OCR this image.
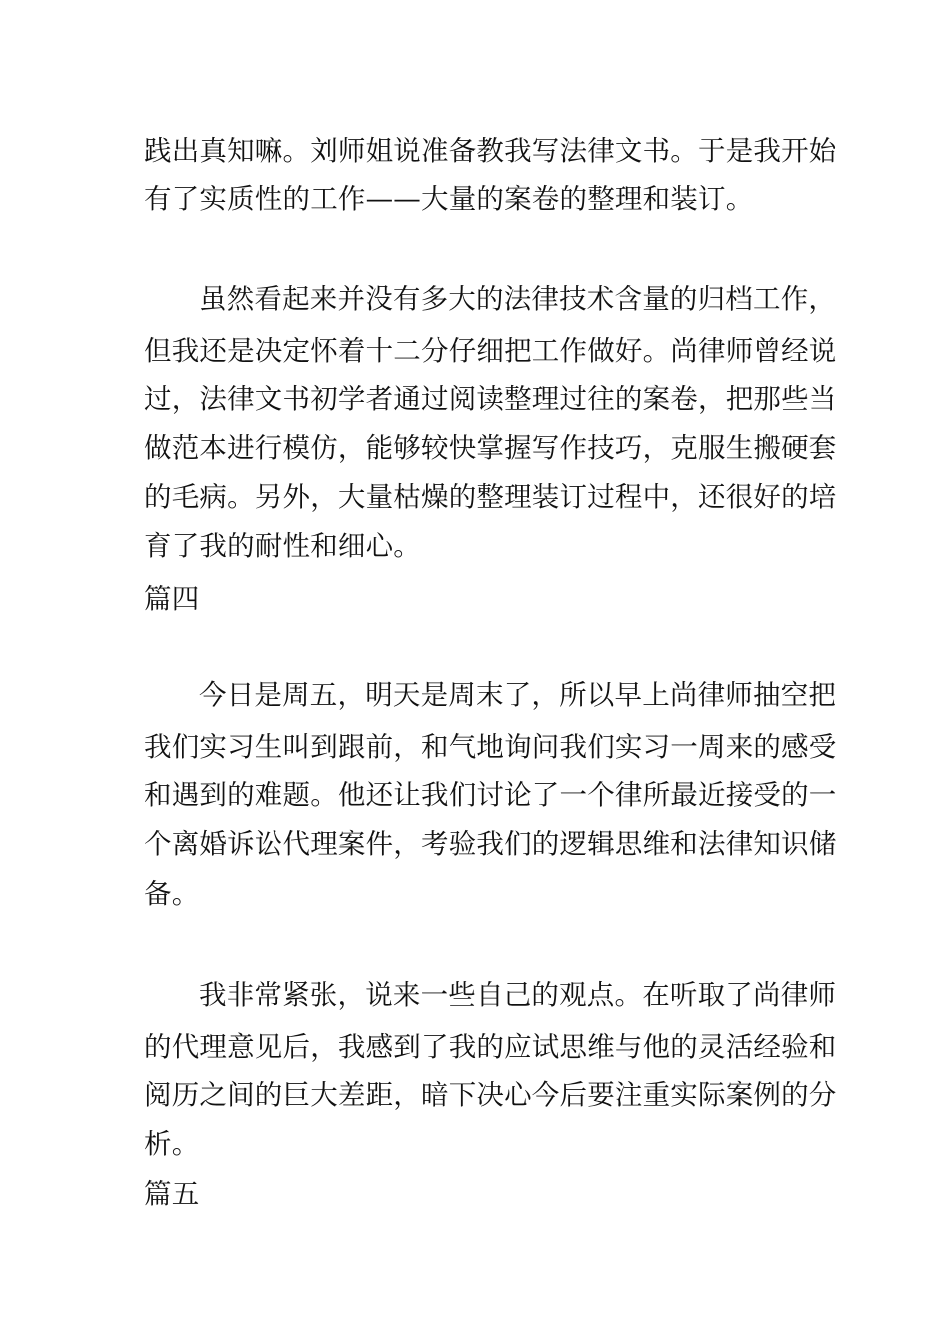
践出真知嘛。刘师姐说准备教我写法律文书。于是我开始
有了实质性的工作——大量的案卷的整理和装订。
虽然看起来并没有多大的法律技术含量的归档工作，
但我还是决定怀着十二分仔细把工作做好。尚律师曾经说
过，法律文书初学者通过阅读整理过往的案卷，把那些当
做范本进行模仿，能够较快掌握写作技巧，克服生搬硬套
的毛病。另外，大量枯燥的整理装订过程中，还很好的培
育了我的耐性和细心。
篇四
今日是周五，明天是周末了，所以早上尚律师抽空把
我们实习生叫到跟前，和气地询问我们实习一周来的感受
和遇到的难题。他还让我们讨论了一个律所最近接受的一
个离婚诉讼代理案件，考验我们的逻辑思维和法律知识储
备。
我非常紧张，说来一些自己的观点。在听取了尚律师
的代理意见后，我感到了我的应试思维与他的灵活经验和
阅历之间的巨大差距，暗下决心今后要注重实际案例的分
析。
篇五
